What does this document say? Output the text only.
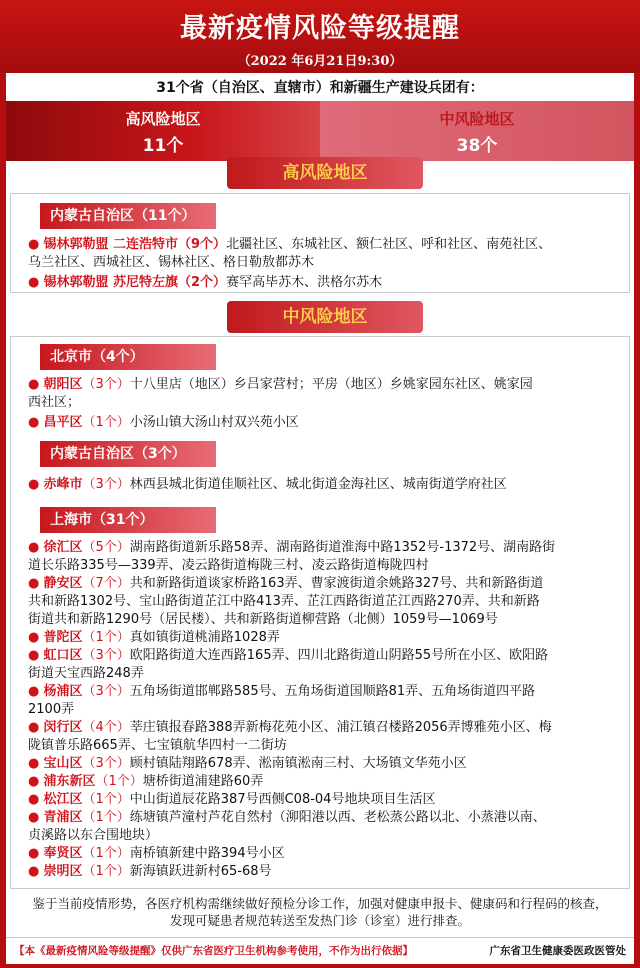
最新疫情风险等级提醒
（2022 年6月21日9:30）
31个省（自治区、直辖市）和新疆生产建设兵团有：
高风险地区
11个
中风险地区
38个
高风险地区
内蒙古自治区（11个）
● 锡林郭勒盟 二连浩特市（9个）北疆社区、东城社区、额仁社区、呼和社区、南苑社区、
乌兰社区、西城社区、锡林社区、格日勒敖都苏木
● 锡林郭勒盟 苏尼特左旗（2个）赛罕高毕苏木、洪格尔苏木
中风险地区
北京市（4个）
● 朝阳区（3个）十八里店（地区）乡吕家营村；平房（地区）乡姚家园东社区、姚家园
西社区；
● 昌平区（1个）小汤山镇大汤山村双兴苑小区
内蒙古自治区（3个）
● 赤峰市（3个）林西县城北街道佳顺社区、城北街道金海社区、城南街道学府社区
上海市（31个）
● 徐汇区（5个）湖南路街道新乐路58弄、湖南路街道淮海中路1352号-1372号、湖南路街
道长乐路335号—339弄、凌云路街道梅陇三村、凌云路街道梅陇四村
● 静安区（7个）共和新路街道谈家桥路163弄、曹家渡街道余姚路327号、共和新路街道
共和新路1302号、宝山路街道芷江中路413弄、芷江西路街道芷江西路270弄、共和新路
街道共和新路1290号（居民楼）、共和新路街道柳营路（北侧）1059号—1069号
● 普陀区（1个）真如镇街道桃浦路1028弄
● 虹口区（3个）欧阳路街道大连西路165弄、四川北路街道山阴路55号所在小区、欧阳路
街道天宝西路248弄
● 杨浦区（3个）五角场街道邯郸路585号、五角场街道国顺路81弄、五角场街道四平路
2100弄
● 闵行区（4个）莘庄镇报春路388弄新梅花苑小区、浦江镇召楼路2056弄博雅苑小区、梅
陇镇普乐路665弄、七宝镇航华四村一二街坊
● 宝山区（3个）顾村镇陆翔路678弄、淞南镇淞南三村、大场镇文华苑小区
● 浦东新区（1个）塘桥街道浦建路60弄
● 松江区（1个）中山街道辰花路387号西侧C08-04号地块项目生活区
● 青浦区（1个）练塘镇芦潼村芦花自然村（泖阳港以西、老松蒸公路以北、小蒸港以南、
贞溪路以东合围地块）
● 奉贤区（1个）南桥镇新建中路394号小区
● 崇明区（1个）新海镇跃进新村65-68号
鉴于当前疫情形势，各医疗机构需继续做好预检分诊工作，加强对健康申报卡、健康码和行程码的核查，
发现可疑患者规范转送至发热门诊（诊室）进行排查。
【本《最新疫情风险等级提醒》仅供广东省医疗卫生机构参考使用，不作为出行依据】	广东省卫生健康委医政医管处
